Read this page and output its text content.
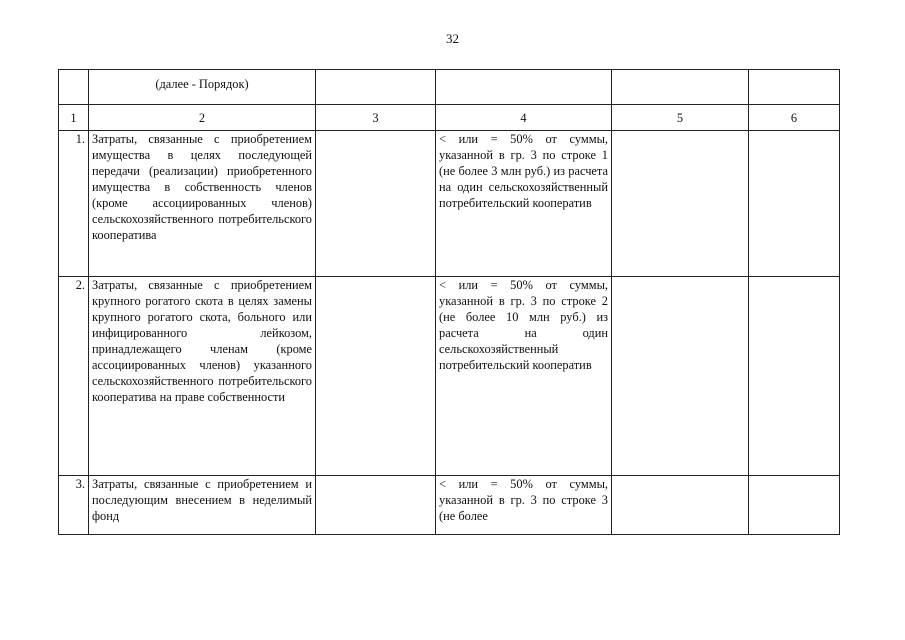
32
	(далее - Порядок)				
1	2	3	4	5	6
1.	Затраты, связанные с приобретением имущества в целях последующей передачи (реализации) приобретенного имущества в собственность членов (кроме ассоциированных членов) сельскохозяйственного потребительского кооператива		< или = 50% от суммы, указанной в гр. 3 по строке 1 (не более 3 млн руб.) из расчета на один сельскохозяйственный потребительский кооператив		
2.	Затраты, связанные с приобретением крупного рогатого скота в целях замены крупного рогатого скота, больного или инфицированного лейкозом, принадлежащего членам (кроме ассоциированных членов) указанного сельскохозяйственного потребительского кооператива на праве собственности		< или = 50% от суммы, указанной в гр. 3 по строке 2 (не более 10 млн руб.) из расчета на один сельскохозяйственный потребительский кооператив		
3.	Затраты, связанные с приобретением и последующим внесением в неделимый фонд		< или = 50% от суммы, указанной в гр. 3 по строке 3 (не более		
